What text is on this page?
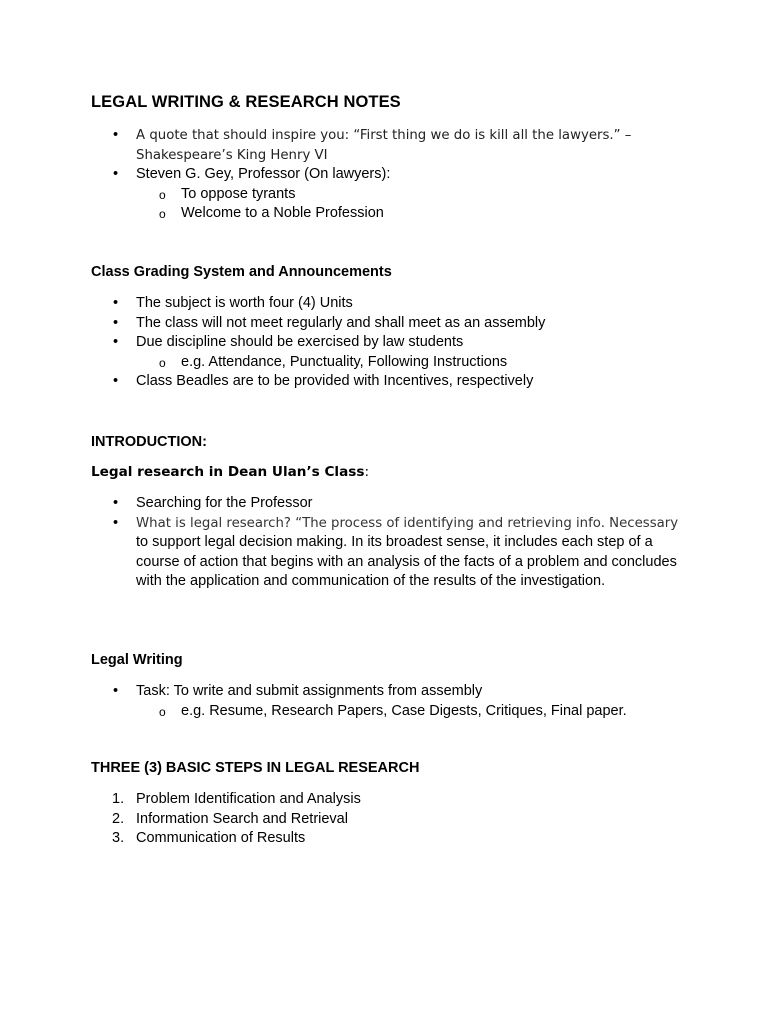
LEGAL WRITING & RESEARCH NOTES
• A quote that should inspire you: “First thing we do is kill all the lawyers.” –
Shakespeare’s King Henry VI
• Steven G. Gey, Professor (On lawyers):
o To oppose tyrants
o Welcome to a Noble Profession
Class Grading System and Announcements
• The subject is worth four (4) Units
• The class will not meet regularly and shall meet as an assembly
• Due discipline should be exercised by law students
o e.g. Attendance, Punctuality, Following Instructions
• Class Beadles are to be provided with Incentives, respectively
INTRODUCTION:
Legal research in Dean Ulan’s Class:
• Searching for the Professor
• What is legal research? “The process of identifying and retrieving info. Necessary to support legal decision making. In its broadest sense, it includes each step of a course of action that begins with an analysis of the facts of a problem and concludes with the application and communication of the results of the investigation.
Legal Writing
• Task: To write and submit assignments from assembly
o e.g. Resume, Research Papers, Case Digests, Critiques, Final paper.
THREE (3) BASIC STEPS IN LEGAL RESEARCH
1. Problem Identification and Analysis
2. Information Search and Retrieval
3. Communication of Results
